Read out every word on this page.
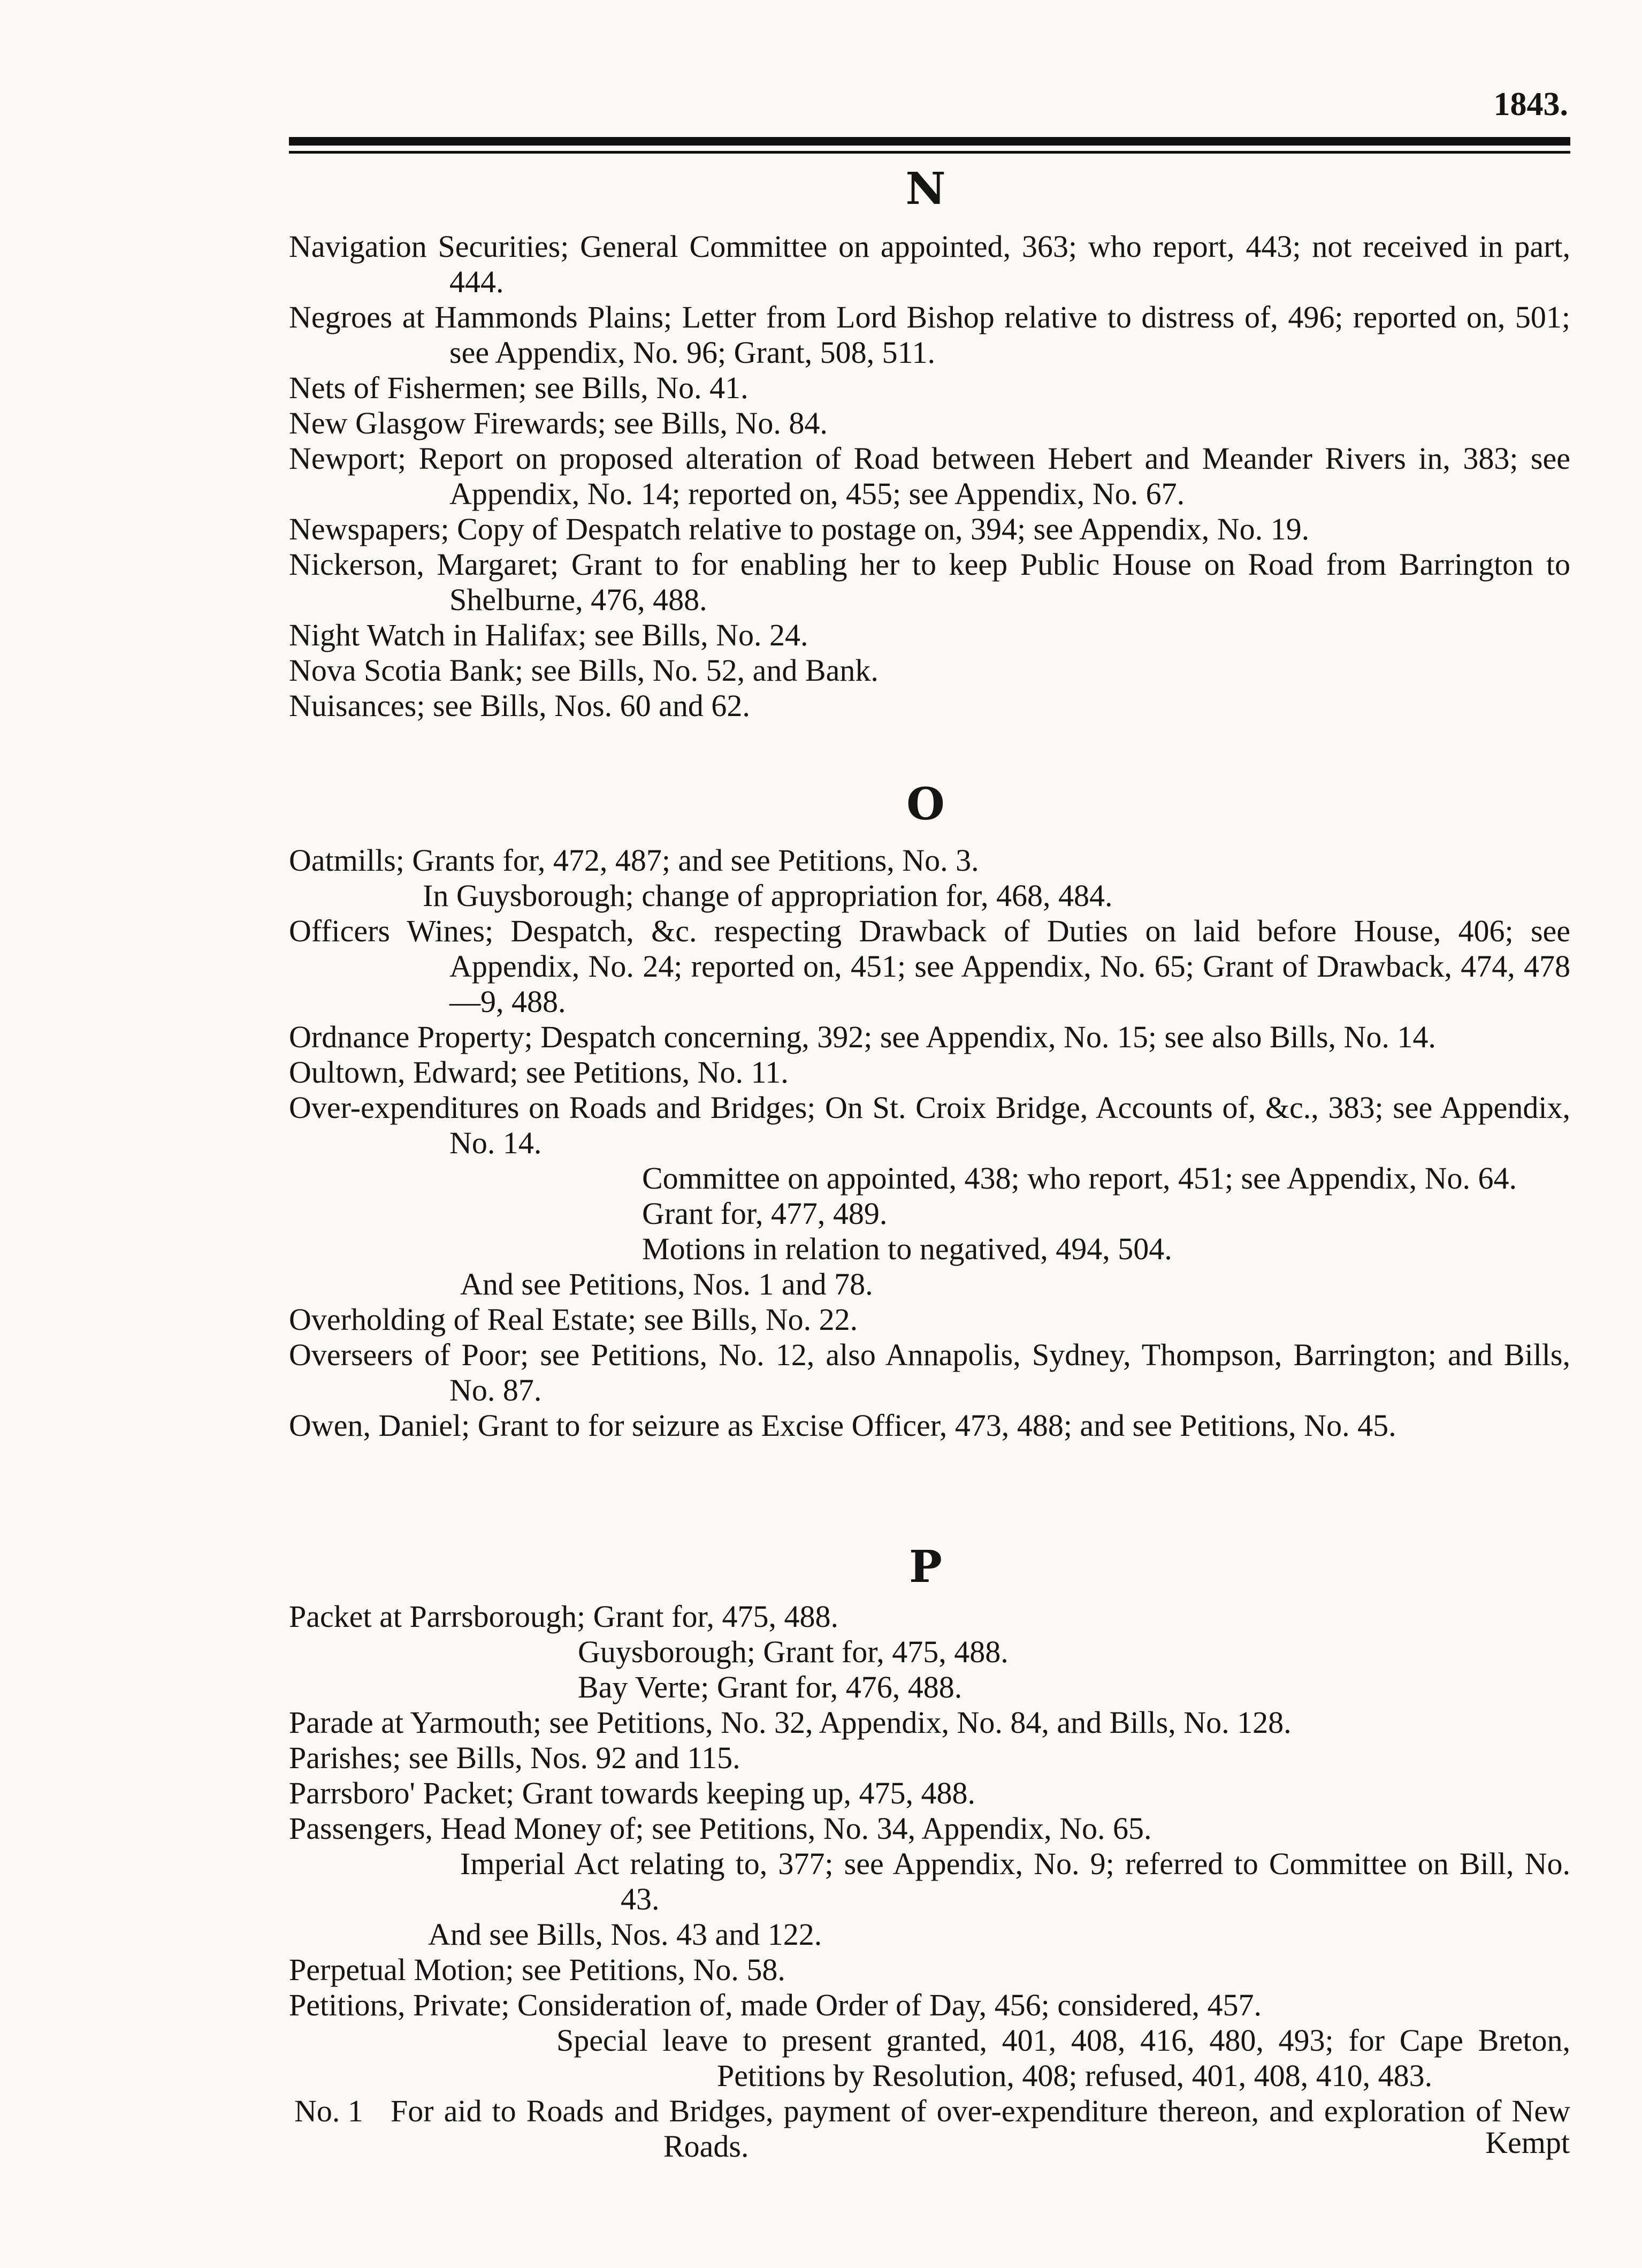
1843.
N

Navigation Securities; General Committee on appointed, 363; who report, 443; not received in part, 444.

Negroes at Hammonds Plains; Letter from Lord Bishop relative to distress of, 496; reported on, 501; see Appendix, No. 96; Grant, 508, 511.

Nets of Fishermen; see Bills, No. 41.

New Glasgow Firewards; see Bills, No. 84.

Newport; Report on proposed alteration of Road between Hebert and Meander Rivers in, 383; see Appendix, No. 14; reported on, 455; see Appendix, No. 67.

Newspapers; Copy of Despatch relative to postage on, 394; see Appendix, No. 19.

Nickerson, Margaret; Grant to for enabling her to keep Public House on Road from Barrington to Shelburne, 476, 488.

Night Watch in Halifax; see Bills, No. 24.

Nova Scotia Bank; see Bills, No. 52, and Bank.

Nuisances; see Bills, Nos. 60 and 62.

O

Oatmills; Grants for, 472, 487; and see Petitions, No. 3.

In Guysborough; change of appropriation for, 468, 484.

Officers Wines; Despatch, &c. respecting Drawback of Duties on laid before House, 406; see Appendix, No. 24; reported on, 451; see Appendix, No. 65; Grant of Drawback, 474, 478—9, 488.

Ordnance Property; Despatch concerning, 392; see Appendix, No. 15; see also Bills, No. 14.

Oultown, Edward; see Petitions, No. 11.

Over-expenditures on Roads and Bridges; On St. Croix Bridge, Accounts of, &c., 383; see Appendix, No. 14.

Committee on appointed, 438; who report, 451; see Appendix, No. 64.

Grant for, 477, 489.

Motions in relation to negatived, 494, 504.

And see Petitions, Nos. 1 and 78.

Overholding of Real Estate; see Bills, No. 22.

Overseers of Poor; see Petitions, No. 12, also Annapolis, Sydney, Thompson, Barrington; and Bills, No. 87.

Owen, Daniel; Grant to for seizure as Excise Officer, 473, 488; and see Petitions, No. 45.

P

Packet at Parrsborough; Grant for, 475, 488.

Guysborough; Grant for, 475, 488.

Bay Verte; Grant for, 476, 488.

Parade at Yarmouth; see Petitions, No. 32, Appendix, No. 84, and Bills, No. 128.

Parishes; see Bills, Nos. 92 and 115.

Parrsboro' Packet; Grant towards keeping up, 475, 488.

Passengers, Head Money of; see Petitions, No. 34, Appendix, No. 65.

Imperial Act relating to, 377; see Appendix, No. 9; referred to Committee on Bill, No. 43.

And see Bills, Nos. 43 and 122.

Perpetual Motion; see Petitions, No. 58.

Petitions, Private; Consideration of, made Order of Day, 456; considered, 457.

Special leave to present granted, 401, 408, 416, 480, 493; for Cape Breton, Petitions by Resolution, 408; refused, 401, 408, 410, 483.

No. 1 For aid to Roads and Bridges, payment of over-expenditure thereon, and exploration of New Roads.	Kempt
